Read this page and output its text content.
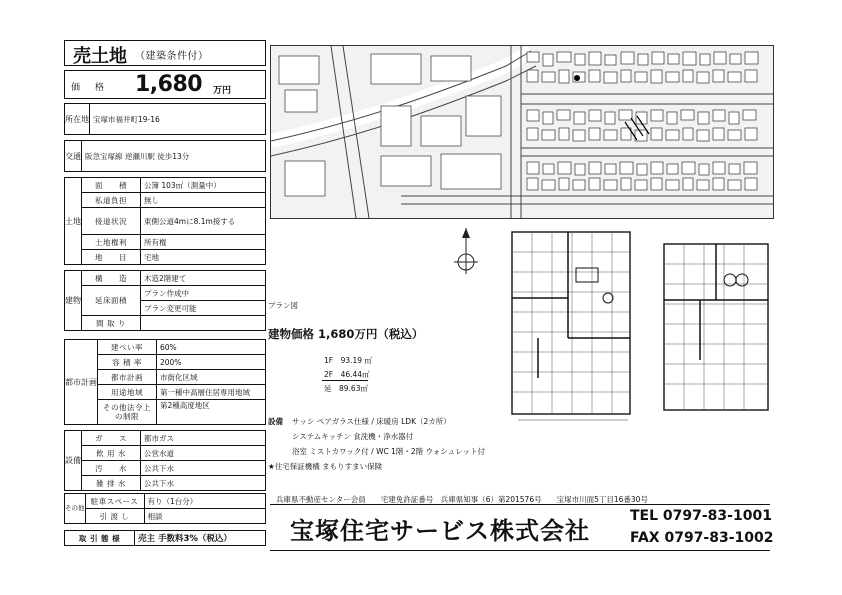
売土地 （建築条件付）
価 格 1,680 万円
所在地	宝塚市福井町19-16
交通	阪急宝塚線 逆瀬川駅 徒歩13分
土地	面　　積	公簿 103㎡（測量中）
	私道負担	無し
	接道状況	東側公道4mに8.1m接する
	土地権利	所有権
	地　　目	宅地
建物	構　　造	木造2階建て
	延床面積	プラン作成中
		プラン変更可能
	間 取 り	
都市計画	建ぺい率	60%
	容 積 率	200%
	都市計画	市街化区域
	用途地域	第一種中高層住居専用地域
	その他法令上の制限	第2種高度地区
設備	ガ　　ス	都市ガス
	飲 用 水	公営水道
	汚　　水	公共下水
	雑 排 水	公共下水
その他	駐車スペース	有り（1台分）
	引 渡 し	相談
取 引 態 様	売主 手数料3%（税込）
プラン図
建物価格 1,680万円（税込）
1F　93.19 ㎡
2F　46.44㎡
延　89.63㎡
設備 サッシ ペアガラス仕様 / 床暖房 LDK（2カ所）
システムキッチン 食洗機・浄水器付
浴室 ミストカワック付 / WC 1階・2階 ウォシュレット付
★住宅保証機構 まもりすまい保険
兵庫県不動産センター会員　　宅建免許証番号　兵庫県知事（6）第201576号　　宝塚市川面5丁目16番30号
宝塚住宅サービス株式会社
TEL 0797-83-1001
FAX 0797-83-1002
